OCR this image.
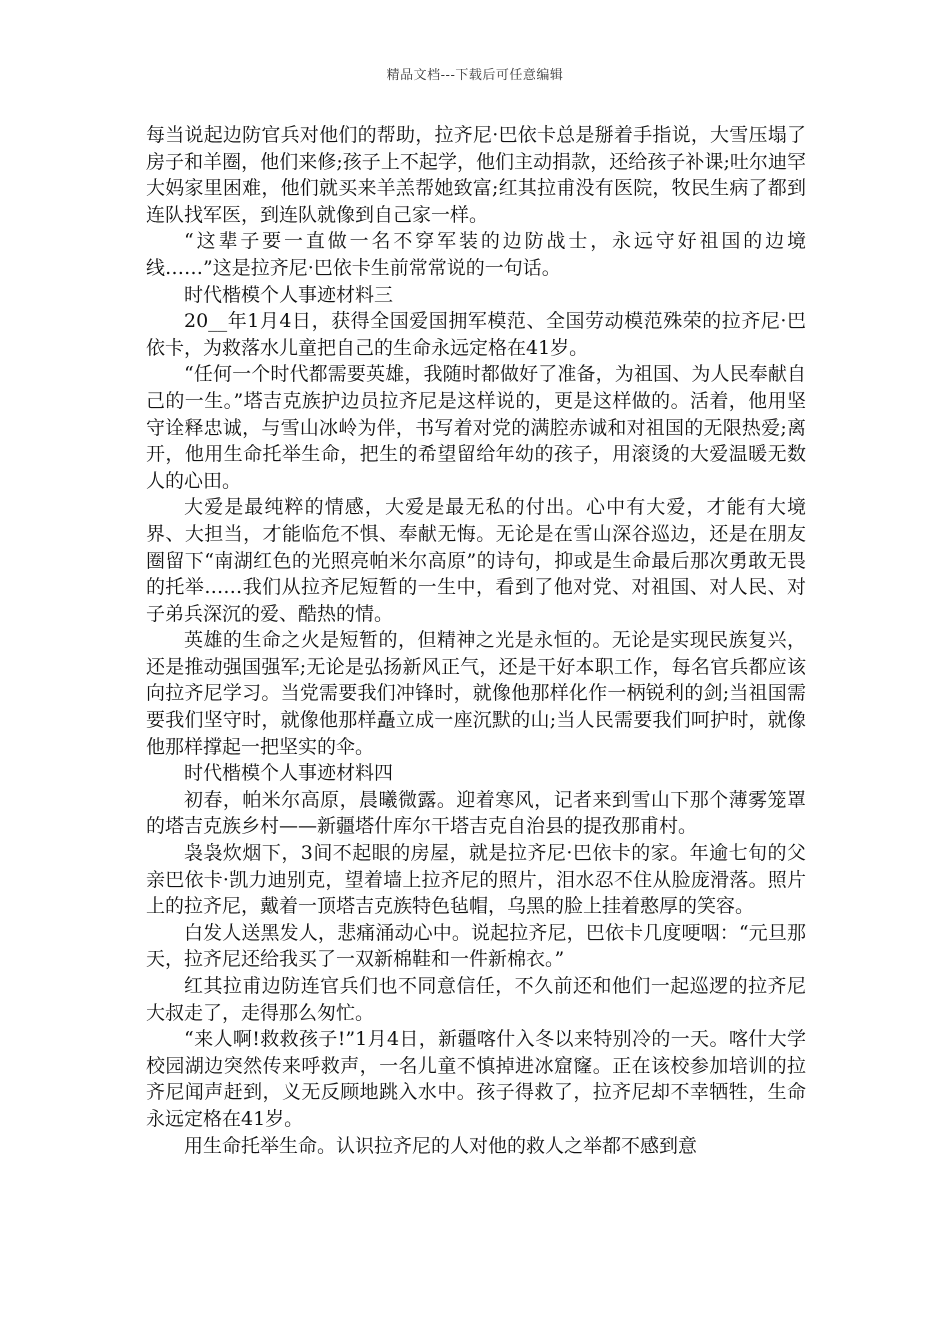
精品文档---下载后可任意编辑

每当说起边防官兵对他们的帮助，拉齐尼·巴依卡总是掰着手指说，大雪压塌了房子和羊圈，他们来修;孩子上不起学，他们主动捐款，还给孩子补课;吐尔迪罕大妈家里困难，他们就买来羊羔帮她致富;红其拉甫没有医院，牧民生病了都到连队找军医，到连队就像到自己家一样。

“这辈子要一直做一名不穿军装的边防战士，永远守好祖国的边境线……”这是拉齐尼·巴依卡生前常常说的一句话。

时代楷模个人事迹材料三

20__年1月4日，获得全国爱国拥军模范、全国劳动模范殊荣的拉齐尼·巴依卡，为救落水儿童把自己的生命永远定格在41岁。

“任何一个时代都需要英雄，我随时都做好了准备，为祖国、为人民奉献自己的一生。”塔吉克族护边员拉齐尼是这样说的，更是这样做的。活着，他用坚守诠释忠诚，与雪山冰岭为伴，书写着对党的满腔赤诚和对祖国的无限热爱;离开，他用生命托举生命，把生的希望留给年幼的孩子，用滚烫的大爱温暖无数人的心田。

大爱是最纯粹的情感，大爱是最无私的付出。心中有大爱，才能有大境界、大担当，才能临危不惧、奉献无悔。无论是在雪山深谷巡边，还是在朋友圈留下“南湖红色的光照亮帕米尔高原”的诗句，抑或是生命最后那次勇敢无畏的托举……我们从拉齐尼短暂的一生中，看到了他对党、对祖国、对人民、对子弟兵深沉的爱、酷热的情。

英雄的生命之火是短暂的，但精神之光是永恒的。无论是实现民族复兴，还是推动强国强军;无论是弘扬新风正气，还是干好本职工作，每名官兵都应该向拉齐尼学习。当党需要我们冲锋时，就像他那样化作一柄锐利的剑;当祖国需要我们坚守时，就像他那样矗立成一座沉默的山;当人民需要我们呵护时，就像他那样撑起一把坚实的伞。

时代楷模个人事迹材料四

初春，帕米尔高原，晨曦微露。迎着寒风，记者来到雪山下那个薄雾笼罩的塔吉克族乡村——新疆塔什库尔干塔吉克自治县的提孜那甫村。

袅袅炊烟下，3间不起眼的房屋，就是拉齐尼·巴依卡的家。年逾七旬的父亲巴依卡·凯力迪别克，望着墙上拉齐尼的照片，泪水忍不住从脸庞滑落。照片上的拉齐尼，戴着一顶塔吉克族特色毡帽，乌黑的脸上挂着憨厚的笑容。

白发人送黑发人，悲痛涌动心中。说起拉齐尼，巴依卡几度哽咽：“元旦那天，拉齐尼还给我买了一双新棉鞋和一件新棉衣。”

红其拉甫边防连官兵们也不同意信任，不久前还和他们一起巡逻的拉齐尼大叔走了，走得那么匆忙。

“来人啊!救救孩子!”1月4日，新疆喀什入冬以来特别冷的一天。喀什大学校园湖边突然传来呼救声，一名儿童不慎掉进冰窟窿。正在该校参加培训的拉齐尼闻声赶到，义无反顾地跳入水中。孩子得救了，拉齐尼却不幸牺牲，生命永远定格在41岁。

用生命托举生命。认识拉齐尼的人对他的救人之举都不感到意
